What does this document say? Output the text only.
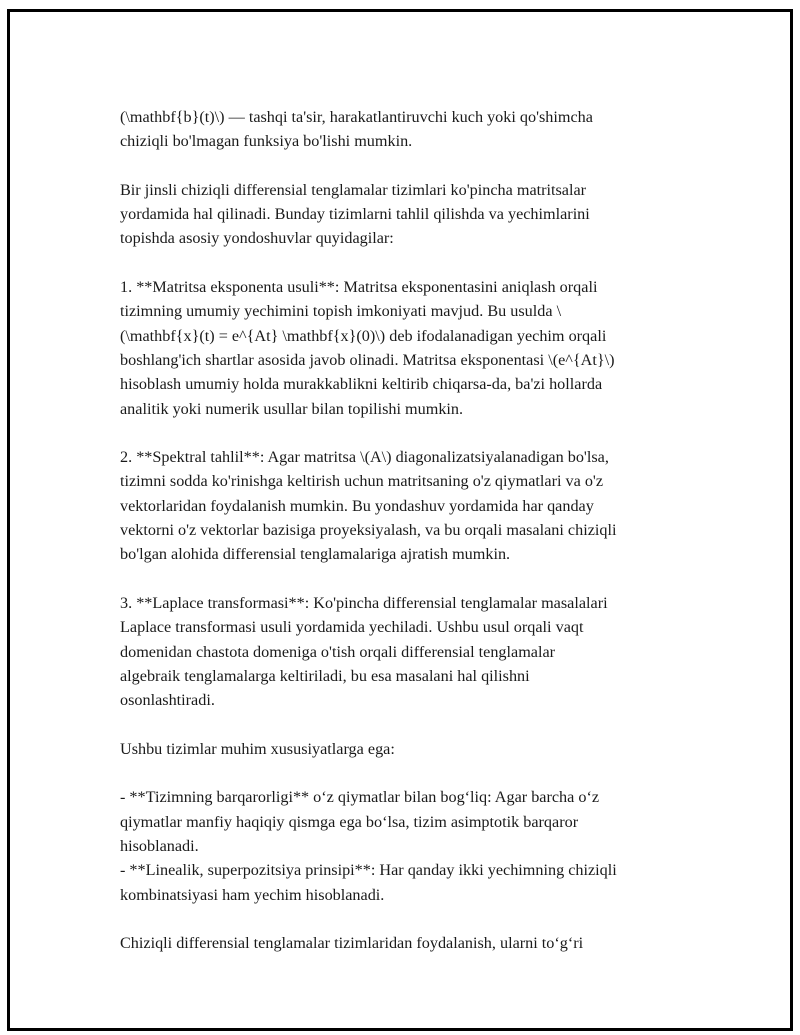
(\mathbf{b}(t)\) — tashqi ta'sir, harakatlantiruvchi kuch yoki qo'shimcha
chiziqli bo'lmagan funksiya bo'lishi mumkin.

Bir jinsli chiziqli differensial tenglamalar tizimlari ko'pincha matritsalar
yordamida hal qilinadi. Bunday tizimlarni tahlil qilishda va yechimlarini
topishda asosiy yondoshuvlar quyidagilar:

1. **Matritsa eksponenta usuli**: Matritsa eksponentasini aniqlash orqali
tizimning umumiy yechimini topish imkoniyati mavjud. Bu usulda \
(\mathbf{x}(t) = e^{At} \mathbf{x}(0)\) deb ifodalanadigan yechim orqali
boshlang'ich shartlar asosida javob olinadi. Matritsa eksponentasi \(e^{At}\)
hisoblash umumiy holda murakkablikni keltirib chiqarsa-da, ba'zi hollarda
analitik yoki numerik usullar bilan topilishi mumkin.

2. **Spektral tahlil**: Agar matritsa \(A\) diagonalizatsiyalanadigan bo'lsa,
tizimni sodda ko'rinishga keltirish uchun matritsaning o'z qiymatlari va o'z
vektorlaridan foydalanish mumkin. Bu yondashuv yordamida har qanday
vektorni o'z vektorlar bazisiga proyeksiyalash, va bu orqali masalani chiziqli
bo'lgan alohida differensial tenglamalariga ajratish mumkin.

3. **Laplace transformasi**: Ko'pincha differensial tenglamalar masalalari
Laplace transformasi usuli yordamida yechiladi. Ushbu usul orqali vaqt
domenidan chastota domeniga o'tish orqali differensial tenglamalar
algebraik tenglamalarga keltiriladi, bu esa masalani hal qilishni
osonlashtiradi.

Ushbu tizimlar muhim xususiyatlarga ega:

- **Tizimning barqarorligi** o‘z qiymatlar bilan bog‘liq: Agar barcha o‘z
qiymatlar manfiy haqiqiy qismga ega bo‘lsa, tizim asimptotik barqaror
hisoblanadi.
- **Linealik, superpozitsiya prinsipi**: Har qanday ikki yechimning chiziqli
kombinatsiyasi ham yechim hisoblanadi.

Chiziqli differensial tenglamalar tizimlaridan foydalanish, ularni to‘g‘ri
